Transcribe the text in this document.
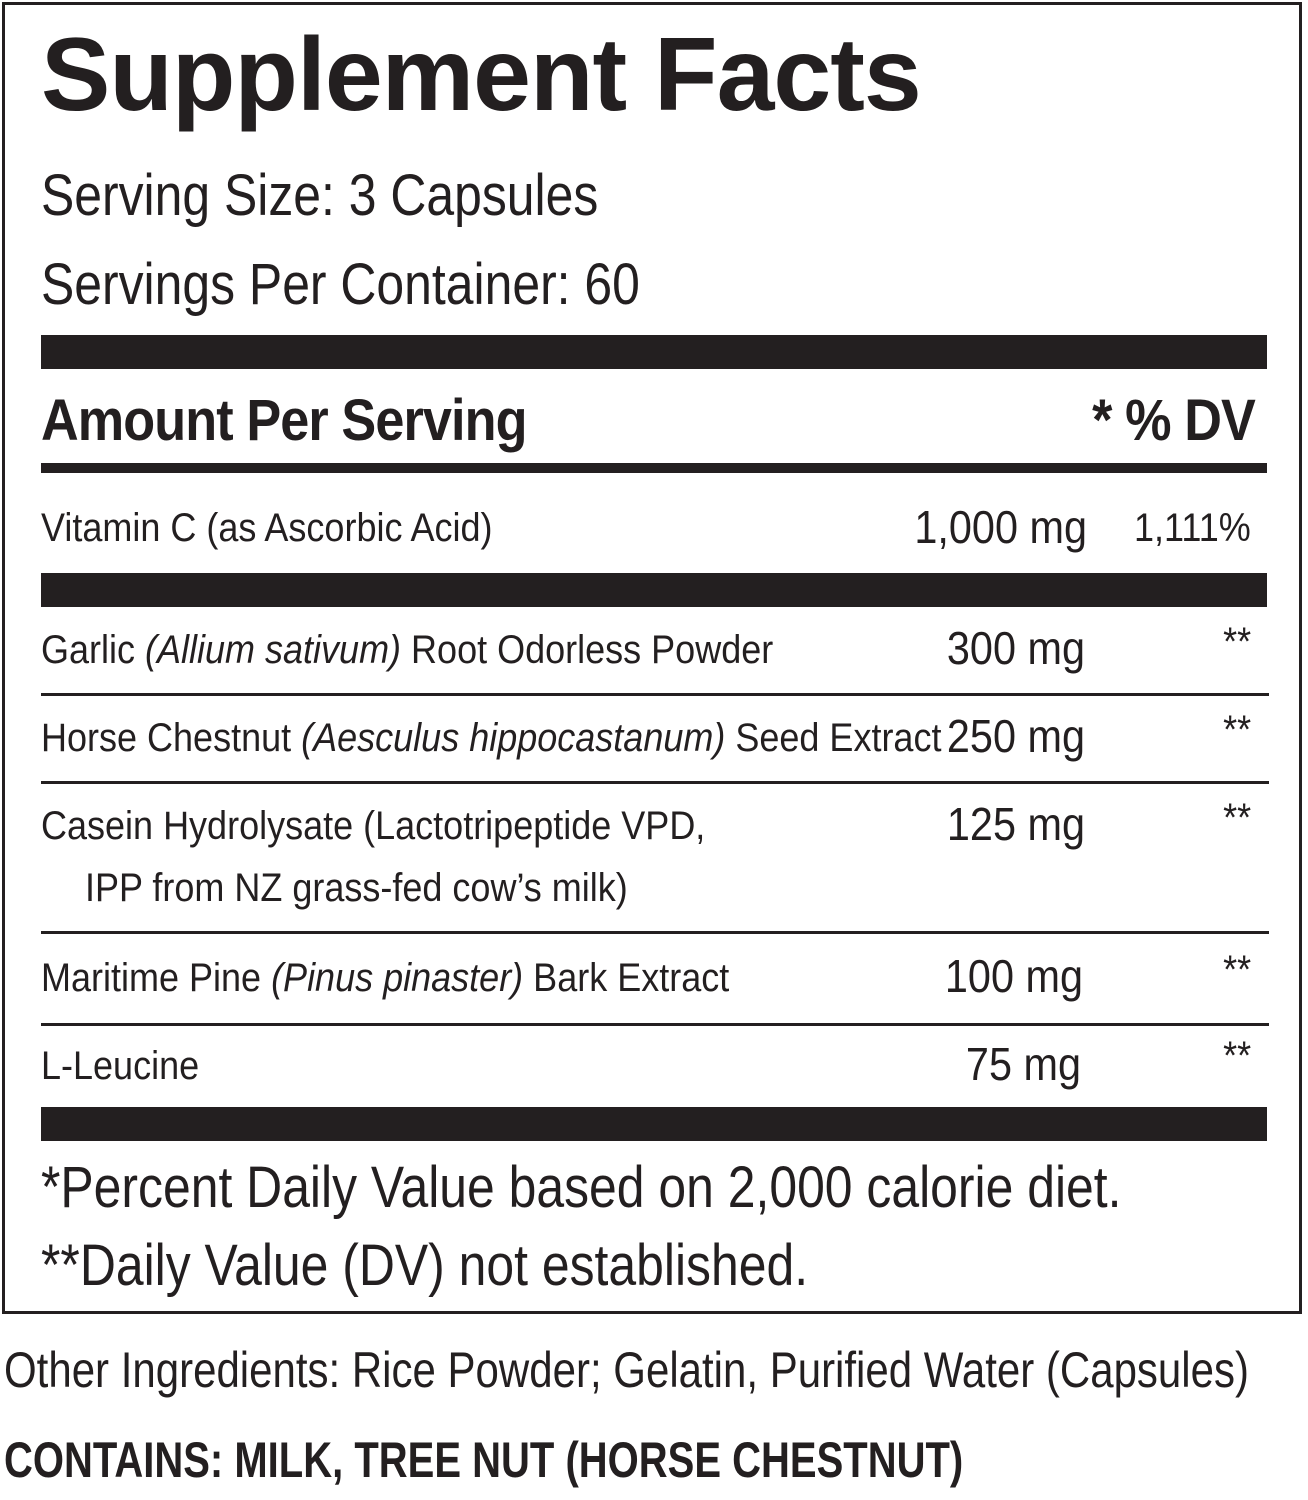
Supplement Facts
Serving Size: 3 Capsules
Servings Per Container: 60
Amount Per Serving	* % DV
Vitamin C (as Ascorbic Acid)	1,000 mg 1,111%
Garlic (Allium sativum) Root Odorless Powder	300 mg	**
Horse Chestnut (Aesculus hippocastanum) Seed Extract 250 mg	**
Casein Hydrolysate (Lactotripeptide VPD,
IPP from NZ grass-fed cow’s milk)
125 mg	**
Maritime Pine (Pinus pinaster) Bark Extract	100 mg	**
L-Leucine	75 mg	**
*Percent Daily Value based on 2,000 calorie diet.
**Daily Value (DV) not established.
Other Ingredients: Rice Powder; Gelatin, Purified Water (Capsules)
CONTAINS: MILK, TREE NUT (HORSE CHESTNUT)
